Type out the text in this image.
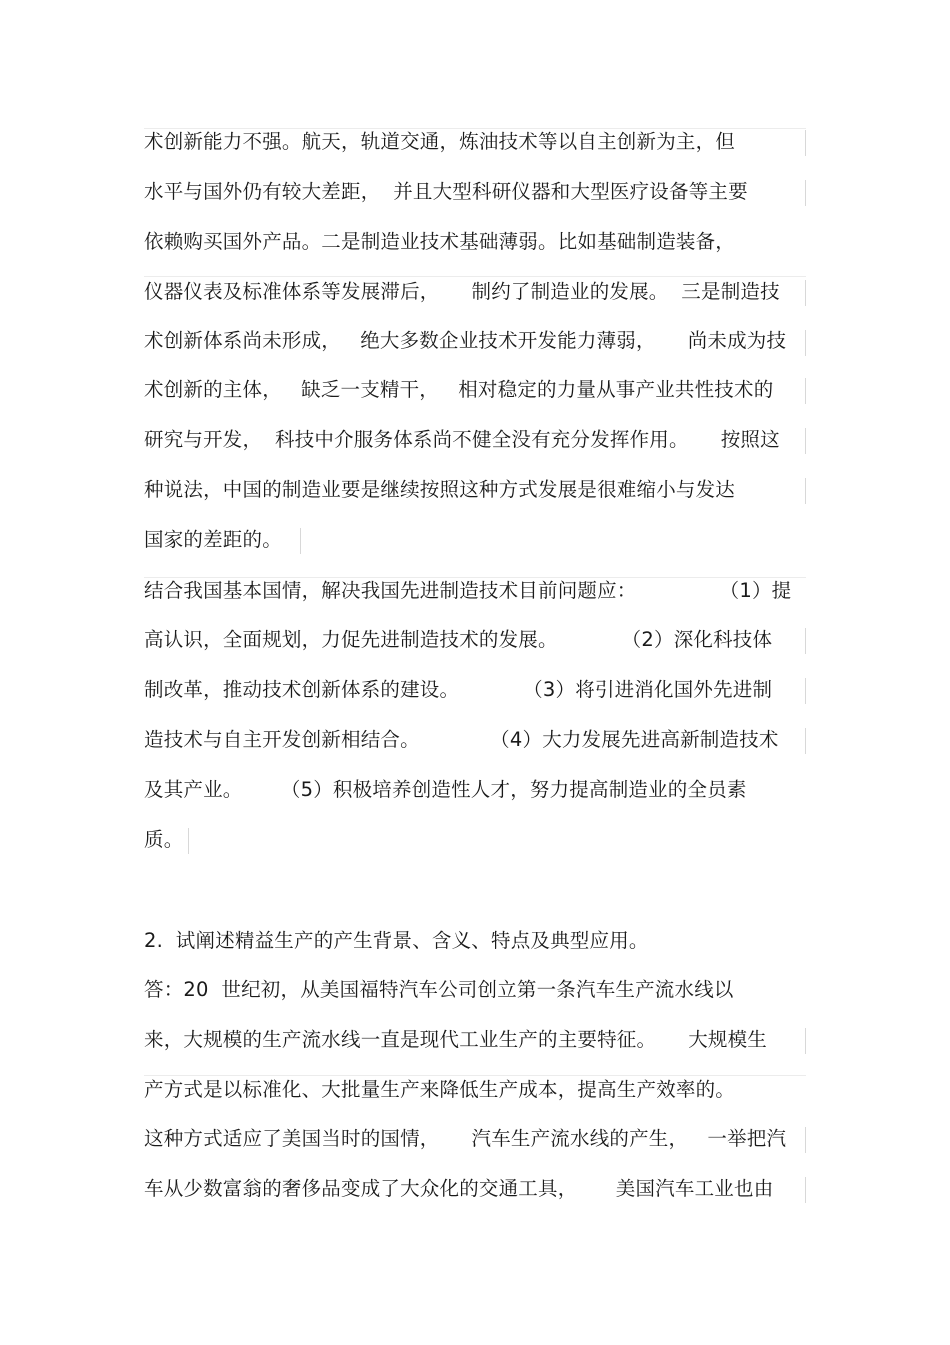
术创新能力不强。航天，轨道交通，炼油技术等以自主创新为主，但
水平与国外仍有较大差距，  并且大型科研仪器和大型医疗设备等主要
依赖购买国外产品。二是制造业技术基础薄弱。比如基础制造装备，
仪器仪表及标准体系等发展滞后，     制约了制造业的发展。  三是制造技
术创新体系尚未形成，   绝大多数企业技术开发能力薄弱，     尚未成为技
术创新的主体，   缺乏一支精干，   相对稳定的力量从事产业共性技术的
研究与开发，  科技中介服务体系尚不健全没有充分发挥作用。     按照这
种说法，中国的制造业要是继续按照这种方式发展是很难缩小与发达
国家的差距的。
结合我国基本国情，解决我国先进制造技术目前问题应：             （1）提
高认识，全面规划，力促先进制造技术的发展。          （2）深化科技体
制改革，推动技术创新体系的建设。          （3）将引进消化国外先进制
造技术与自主开发创新相结合。           （4）大力发展先进高新制造技术
及其产业。      （5）积极培养创造性人才，努力提高制造业的全员素
质。
2.  试阐述精益生产的产生背景、含义、特点及典型应用。
答：20  世纪初，从美国福特汽车公司创立第一条汽车生产流水线以
来，大规模的生产流水线一直是现代工业生产的主要特征。     大规模生
产方式是以标准化、大批量生产来降低生产成本，提高生产效率的。
这种方式适应了美国当时的国情，     汽车生产流水线的产生，   一举把汽
车从少数富翁的奢侈品变成了大众化的交通工具，      美国汽车工业也由
